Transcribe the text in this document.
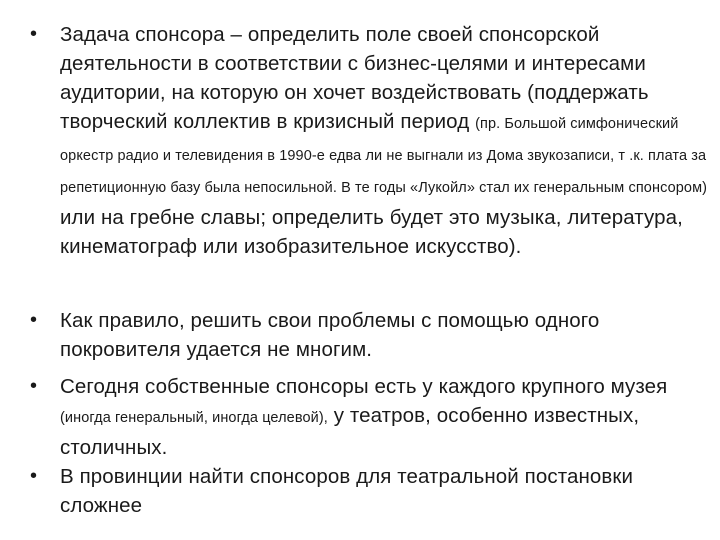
• Задача спонсора – определить поле своей спонсорской деятельности в соответствии с бизнес-целями и интересами аудитории, на которую он хочет воздействовать (поддержать творческий коллектив в кризисный период (пр. Большой симфонический оркестр радио и телевидения в 1990-е едва ли не выгнали из Дома звукозаписи, т .к. плата за репетиционную базу была непосильной. В те годы «Лукойл» стал их генеральным спонсором) или на гребне славы; определить будет это музыка, литература, кинематограф или изобразительное искусство).
• Как правило, решить свои проблемы с помощью одного покровителя удается не многим.
• Сегодня собственные спонсоры есть у каждого крупного музея (иногда генеральный, иногда целевой), у театров, особенно известных, столичных.
• В провинции найти спонсоров для театральной постановки сложнее
